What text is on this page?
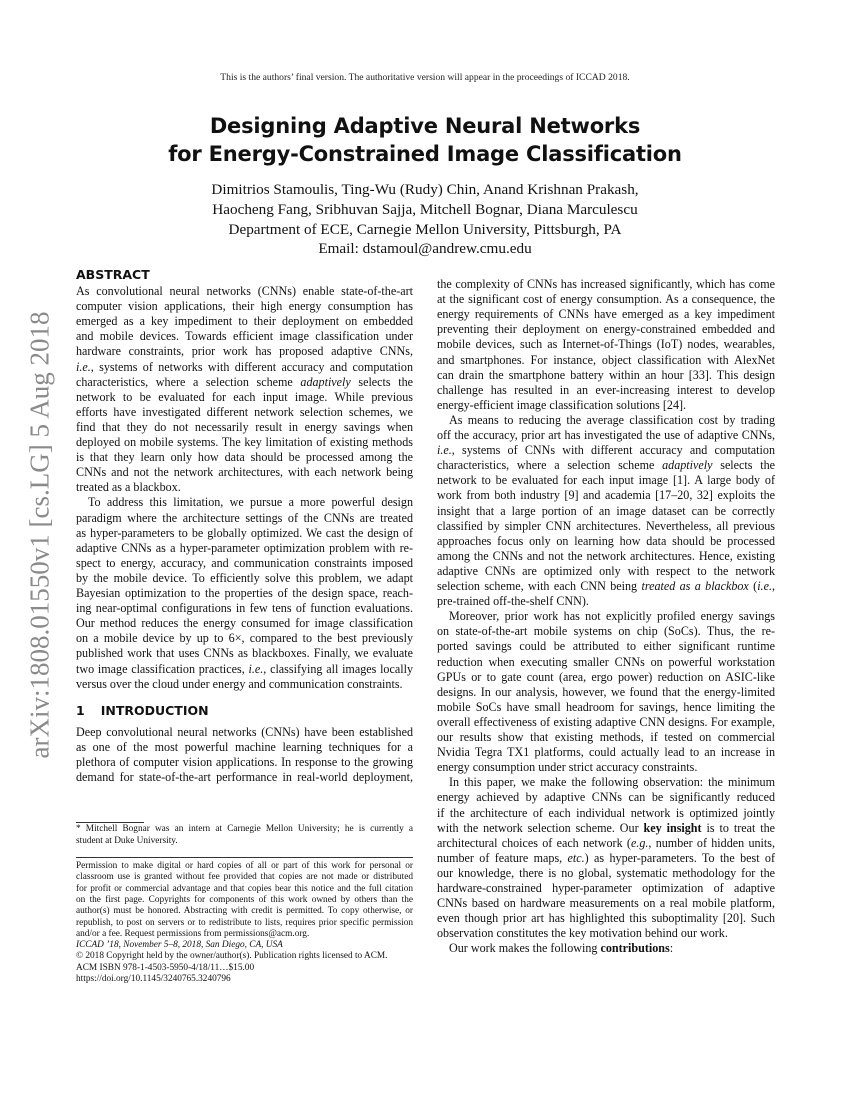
This is the authors’ final version. The authoritative version will appear in the proceedings of ICCAD 2018.
Designing Adaptive Neural Networks
for Energy-Constrained Image Classification
Dimitrios Stamoulis, Ting-Wu (Rudy) Chin, Anand Krishnan Prakash,
Haocheng Fang, Sribhuvan Sajja, Mitchell Bognar, Diana Marculescu
Department of ECE, Carnegie Mellon University, Pittsburgh, PA
Email: dstamoul@andrew.cmu.edu
arXiv:1808.01550v1 [cs.LG] 5 Aug 2018
ABSTRACT
As convolutional neural networks (CNNs) enable state-of-the-art
computer vision applications, their high energy consumption has
emerged as a key impediment to their deployment on embedded
and mobile devices. Towards efficient image classification under
hardware constraints, prior work has proposed adaptive CNNs,
i.e., systems of networks with different accuracy and computation
characteristics, where a selection scheme adaptively selects the
network to be evaluated for each input image. While previous
efforts have investigated different network selection schemes, we
find that they do not necessarily result in energy savings when
deployed on mobile systems. The key limitation of existing methods
is that they learn only how data should be processed among the
CNNs and not the network architectures, with each network being
treated as a blackbox.
To address this limitation, we pursue a more powerful design
paradigm where the architecture settings of the CNNs are treated
as hyper-parameters to be globally optimized. We cast the design of
adaptive CNNs as a hyper-parameter optimization problem with re-
spect to energy, accuracy, and communication constraints imposed
by the mobile device. To efficiently solve this problem, we adapt
Bayesian optimization to the properties of the design space, reach-
ing near-optimal configurations in few tens of function evaluations.
Our method reduces the energy consumed for image classification
on a mobile device by up to 6×, compared to the best previously
published work that uses CNNs as blackboxes. Finally, we evaluate
two image classification practices, i.e., classifying all images locally
versus over the cloud under energy and communication constraints.
1 INTRODUCTION
Deep convolutional neural networks (CNNs) have been established
as one of the most powerful machine learning techniques for a
plethora of computer vision applications. In response to the growing
demand for state-of-the-art performance in real-world deployment,
* Mitchell Bognar was an intern at Carnegie Mellon University; he is currently a
student at Duke University.
Permission to make digital or hard copies of all or part of this work for personal or
classroom use is granted without fee provided that copies are not made or distributed
for profit or commercial advantage and that copies bear this notice and the full citation
on the first page. Copyrights for components of this work owned by others than the
author(s) must be honored. Abstracting with credit is permitted. To copy otherwise, or
republish, to post on servers or to redistribute to lists, requires prior specific permission
and/or a fee. Request permissions from permissions@acm.org.
ICCAD ’18, November 5–8, 2018, San Diego, CA, USA
© 2018 Copyright held by the owner/author(s). Publication rights licensed to ACM.
ACM ISBN 978-1-4503-5950-4/18/11…$15.00
https://doi.org/10.1145/3240765.3240796
the complexity of CNNs has increased significantly, which has come
at the significant cost of energy consumption. As a consequence, the
energy requirements of CNNs have emerged as a key impediment
preventing their deployment on energy-constrained embedded and
mobile devices, such as Internet-of-Things (IoT) nodes, wearables,
and smartphones. For instance, object classification with AlexNet
can drain the smartphone battery within an hour [33]. This design
challenge has resulted in an ever-increasing interest to develop
energy-efficient image classification solutions [24].
As means to reducing the average classification cost by trading
off the accuracy, prior art has investigated the use of adaptive CNNs,
i.e., systems of CNNs with different accuracy and computation
characteristics, where a selection scheme adaptively selects the
network to be evaluated for each input image [1]. A large body of
work from both industry [9] and academia [17–20, 32] exploits the
insight that a large portion of an image dataset can be correctly
classified by simpler CNN architectures. Nevertheless, all previous
approaches focus only on learning how data should be processed
among the CNNs and not the network architectures. Hence, existing
adaptive CNNs are optimized only with respect to the network
selection scheme, with each CNN being treated as a blackbox (i.e.,
pre-trained off-the-shelf CNN).
Moreover, prior work has not explicitly profiled energy savings
on state-of-the-art mobile systems on chip (SoCs). Thus, the re-
ported savings could be attributed to either significant runtime
reduction when executing smaller CNNs on powerful workstation
GPUs or to gate count (area, ergo power) reduction on ASIC-like
designs. In our analysis, however, we found that the energy-limited
mobile SoCs have small headroom for savings, hence limiting the
overall effectiveness of existing adaptive CNN designs. For example,
our results show that existing methods, if tested on commercial
Nvidia Tegra TX1 platforms, could actually lead to an increase in
energy consumption under strict accuracy constraints.
In this paper, we make the following observation: the minimum
energy achieved by adaptive CNNs can be significantly reduced
if the architecture of each individual network is optimized jointly
with the network selection scheme. Our key insight is to treat the
architectural choices of each network (e.g., number of hidden units,
number of feature maps, etc.) as hyper-parameters. To the best of
our knowledge, there is no global, systematic methodology for the
hardware-constrained hyper-parameter optimization of adaptive
CNNs based on hardware measurements on a real mobile platform,
even though prior art has highlighted this suboptimality [20]. Such
observation constitutes the key motivation behind our work.
Our work makes the following contributions:
